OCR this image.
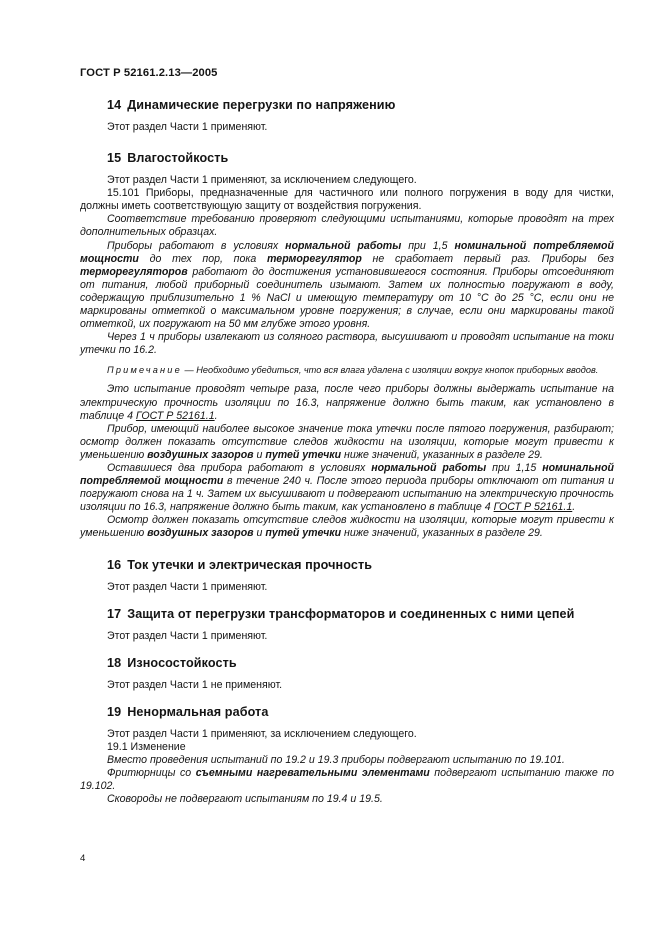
ГОСТ Р 52161.2.13—2005
14 Динамические перегрузки по напряжению

Этот раздел Части 1 применяют.

15 Влагостойкость

Этот раздел Части 1 применяют, за исключением следующего.

15.101 Приборы, предназначенные для частичного или полного погружения в воду для чистки, должны иметь соответствующую защиту от воздействия погружения.

Соответствие требованию проверяют следующими испытаниями, которые проводят на трех дополнительных образцах.

Приборы работают в условиях нормальной работы при 1,5 номинальной потребляемой мощности до тех пор, пока терморегулятор не сработает первый раз. Приборы без терморегуляторов работают до достижения установившегося состояния. Приборы отсоединяют от питания, любой приборный соединитель изымают. Затем их полностью погружают в воду, содержащую приблизительно 1 % NaCl и имеющую температуру от 10 °С до 25 °С, если они не маркированы отметкой о максимальном уровне погружения; в случае, если они маркированы такой отметкой, их погружают на 50 мм глубже этого уровня.

Через 1 ч приборы извлекают из соляного раствора, высушивают и проводят испытание на токи утечки по 16.2.

Примечание — Необходимо убедиться, что вся влага удалена с изоляции вокруг кнопок приборных вводов.

Это испытание проводят четыре раза, после чего приборы должны выдержать испытание на электрическую прочность изоляции по 16.3, напряжение должно быть таким, как установлено в таблице 4 ГОСТ Р 52161.1.

Прибор, имеющий наиболее высокое значение тока утечки после пятого погружения, разбирают; осмотр должен показать отсутствие следов жидкости на изоляции, которые могут привести к уменьшению воздушных зазоров и путей утечки ниже значений, указанных в разделе 29.

Оставшиеся два прибора работают в условиях нормальной работы при 1,15 номинальной потребляемой мощности в течение 240 ч. После этого периода приборы отключают от питания и погружают снова на 1 ч. Затем их высушивают и подвергают испытанию на электрическую прочность изоляции по 16.3, напряжение должно быть таким, как установлено в таблице 4 ГОСТ Р 52161.1.

Осмотр должен показать отсутствие следов жидкости на изоляции, которые могут привести к уменьшению воздушных зазоров и путей утечки ниже значений, указанных в разделе 29.

16 Ток утечки и электрическая прочность

Этот раздел Части 1 применяют.

17 Защита от перегрузки трансформаторов и соединенных с ними цепей

Этот раздел Части 1 применяют.

18 Износостойкость

Этот раздел Части 1 не применяют.

19 Ненормальная работа

Этот раздел Части 1 применяют, за исключением следующего.

19.1 Изменение

Вместо проведения испытаний по 19.2 и 19.3 приборы подвергают испытанию по 19.101.

Фритюрницы со съемными нагревательными элементами подвергают испытанию также по 19.102.

Сковороды не подвергают испытаниям по 19.4 и 19.5.

4
